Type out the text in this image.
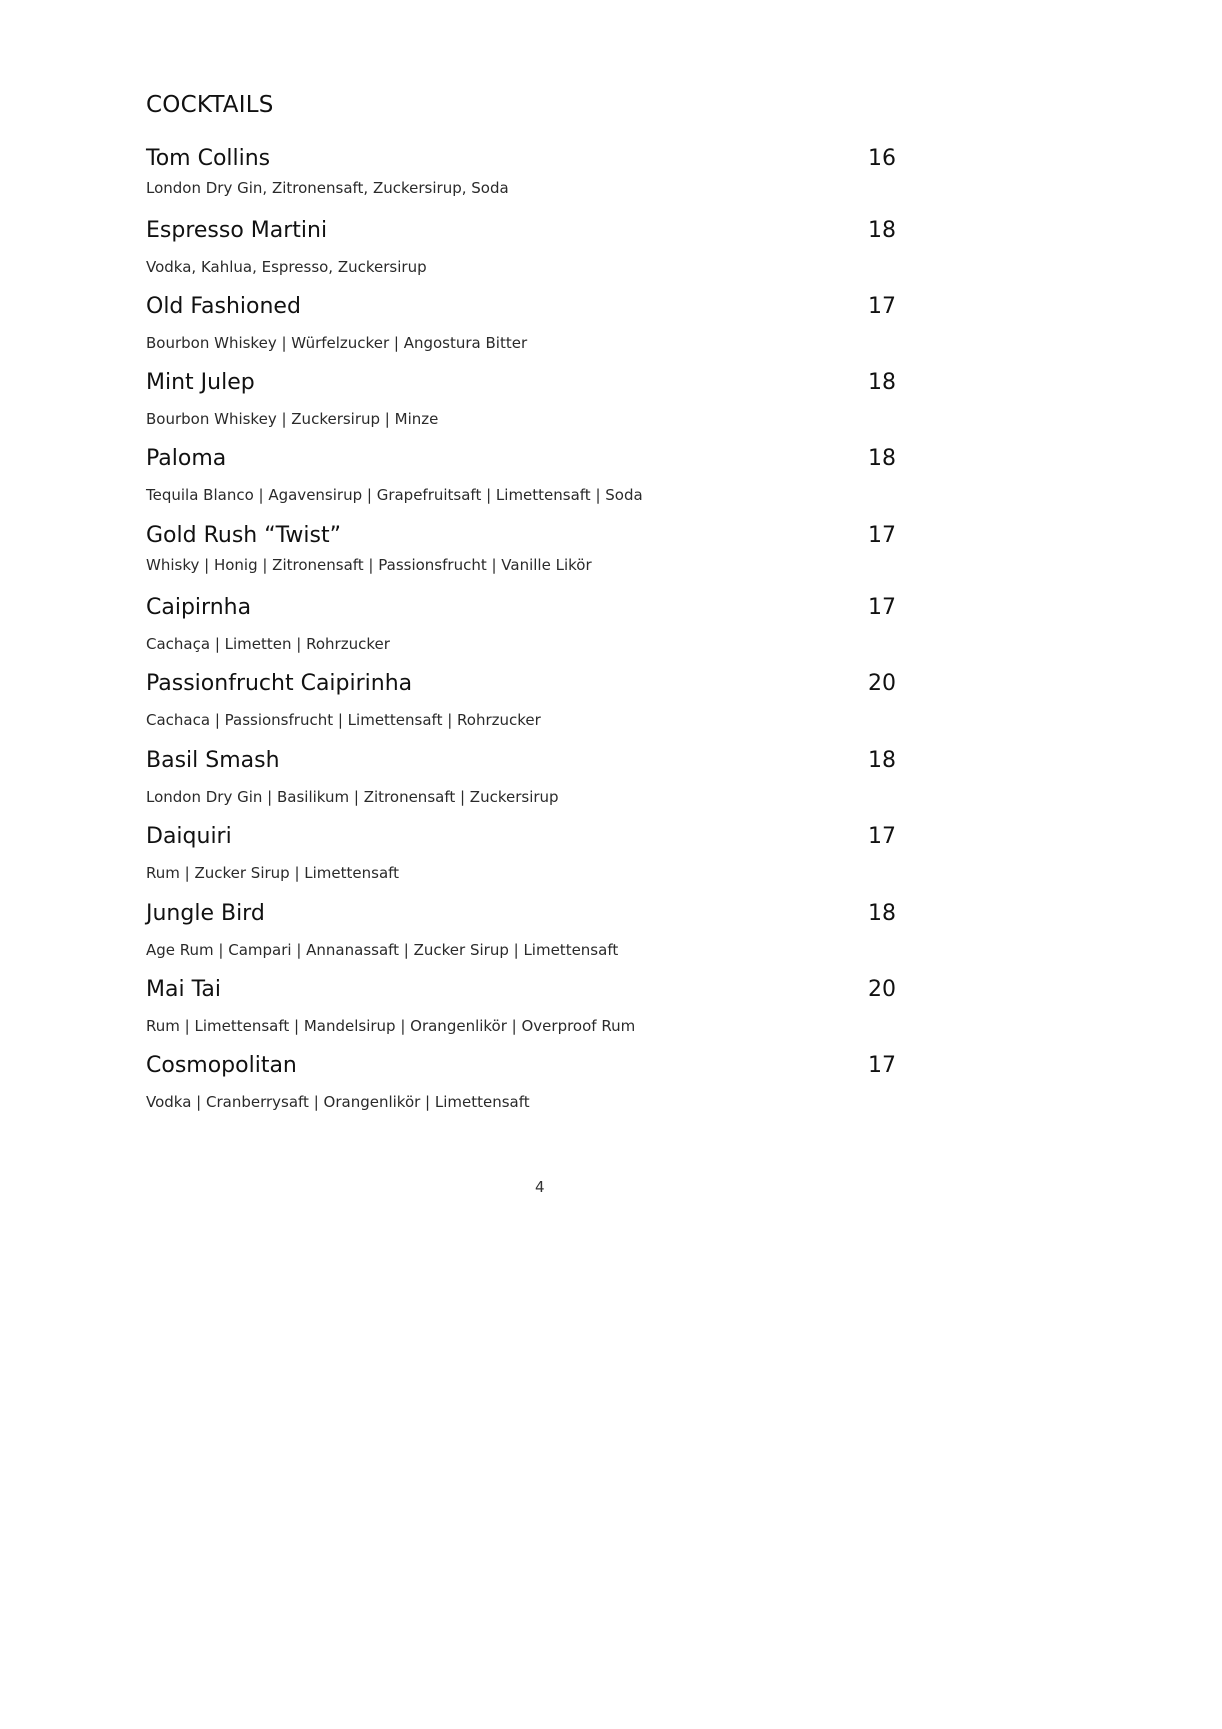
COCKTAILS
Tom Collins	16
London Dry Gin, Zitronensaft, Zuckersirup, Soda
Espresso Martini	18
Vodka, Kahlua, Espresso, Zuckersirup
Old Fashioned	17
Bourbon Whiskey | Würfelzucker | Angostura Bitter
Mint Julep	18
Bourbon Whiskey | Zuckersirup | Minze
Paloma	18
Tequila Blanco | Agavensirup | Grapefruitsaft | Limettensaft | Soda
Gold Rush “Twist”	17
Whisky | Honig | Zitronensaft | Passionsfrucht | Vanille Likör
Caipirnha	17
Cachaça | Limetten | Rohrzucker
Passionfrucht Caipirinha	20
Cachaca | Passionsfrucht | Limettensaft | Rohrzucker
Basil Smash	18
London Dry Gin | Basilikum | Zitronensaft | Zuckersirup
Daiquiri	17
Rum | Zucker Sirup | Limettensaft
Jungle Bird	18
Age Rum | Campari | Annanassaft | Zucker Sirup | Limettensaft
Mai Tai	20
Rum | Limettensaft | Mandelsirup | Orangenlikör | Overproof Rum
Cosmopolitan	17
Vodka | Cranberrysaft | Orangenlikör | Limettensaft
4
